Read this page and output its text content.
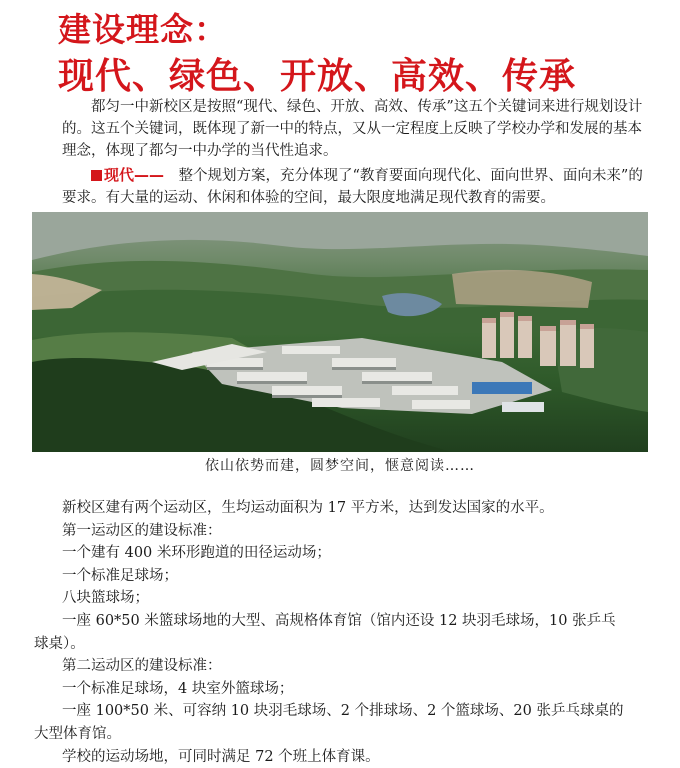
建设理念：
现代、绿色、开放、高效、传承

都匀一中新校区是按照“现代、绿色、开放、高效、传承”这五个关键词来进行规划设计的。这五个关键词，既体现了新一中的特点，又从一定程度上反映了学校办学和发展的基本理念，体现了都匀一中办学的当代性追求。

现代——　整个规划方案，充分体现了“教育要面向现代化、面向世界、面向未来”的要求。有大量的运动、休闲和体验的空间，最大限度地满足现代教育的需要。

依山依势而建，圆梦空间，惬意阅读……
新校区建有两个运动区，生均运动面积为 17 平方米，达到发达国家的水平。
第一运动区的建设标准：
一个建有 400 米环形跑道的田径运动场；
一个标准足球场；
八块篮球场；
一座 60*50 米篮球场地的大型、高规格体育馆（馆内还设 12 块羽毛球场，10 张乒乓
球桌）。
第二运动区的建设标准：
一个标准足球场，4 块室外篮球场；
一座 100*50 米、可容纳 10 块羽毛球场、2 个排球场、2 个篮球场、20 张乒乓球桌的
大型体育馆。
学校的运动场地，可同时满足 72 个班上体育课。
